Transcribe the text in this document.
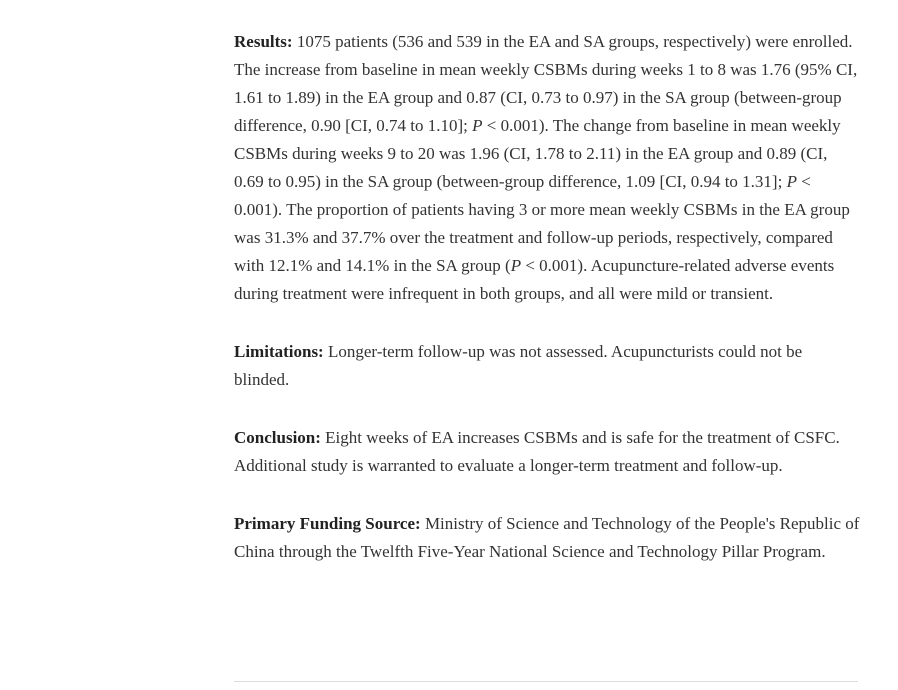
Results: 1075 patients (536 and 539 in the EA and SA groups, respectively) were enrolled. The increase from baseline in mean weekly CSBMs during weeks 1 to 8 was 1.76 (95% CI, 1.61 to 1.89) in the EA group and 0.87 (CI, 0.73 to 0.97) in the SA group (between-group difference, 0.90 [CI, 0.74 to 1.10]; P < 0.001). The change from baseline in mean weekly CSBMs during weeks 9 to 20 was 1.96 (CI, 1.78 to 2.11) in the EA group and 0.89 (CI, 0.69 to 0.95) in the SA group (between-group difference, 1.09 [CI, 0.94 to 1.31]; P < 0.001). The proportion of patients having 3 or more mean weekly CSBMs in the EA group was 31.3% and 37.7% over the treatment and follow-up periods, respectively, compared with 12.1% and 14.1% in the SA group (P < 0.001). Acupuncture-related adverse events during treatment were infrequent in both groups, and all were mild or transient.

Limitations: Longer-term follow-up was not assessed. Acupuncturists could not be blinded.

Conclusion: Eight weeks of EA increases CSBMs and is safe for the treatment of CSFC. Additional study is warranted to evaluate a longer-term treatment and follow-up.

Primary Funding Source: Ministry of Science and Technology of the People's Republic of China through the Twelfth Five-Year National Science and Technology Pillar Program.
